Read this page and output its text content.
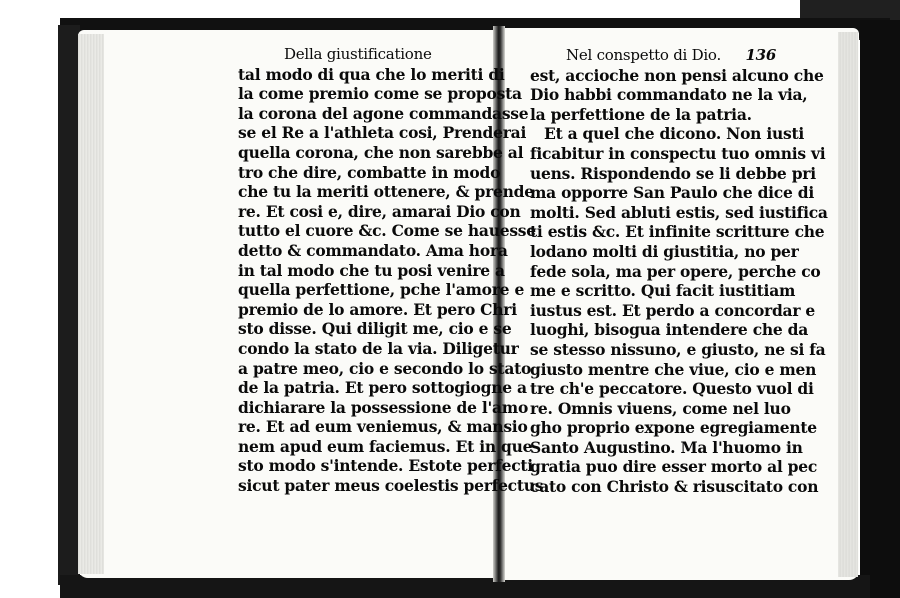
Della giustificatione
tal modo di qua che lo meriti di
la come premio come se proposta
la corona del agone commandasse
se el Re a l'athleta cosi, Prenderai
quella corona, che non sarebbe al
tro che dire, combatte in modo
che tu la meriti ottenere, & prende
re. Et cosi e, dire, amarai Dio con
tutto el cuore &c. Come se hauesse
detto & commandato. Ama hora
in tal modo che tu posi venire a
quella perfettione, pche l'amore e
premio de lo amore. Et pero Chri
sto disse. Qui diligit me, cio e se
condo la stato de la via. Diligetur
a patre meo, cio e secondo lo stato
de la patria. Et pero sottogiogne a
dichiarare la possessione de l'amo
re. Et ad eum veniemus, & mansio
nem apud eum faciemus. Et in que
sto modo s'intende. Estote perfecti
sicut pater meus coelestis perfectus
Nel conspetto di Dio. 136
est, accioche non pensi alcuno che
Dio habbi commandato ne la via,
la perfettione de la patria.
Et a quel che dicono. Non iusti
ficabitur in conspectu tuo omnis vi
uens. Rispondendo se li debbe pri
ma opporre San Paulo che dice di
molti. Sed abluti estis, sed iustifica
ti estis &c. Et infinite scritture che
lodano molti di giustitia, no per
fede sola, ma per opere, perche co
me e scritto. Qui facit iustitiam
iustus est. Et perdo a concordar e
luoghi, bisogua intendere che da
se stesso nissuno, e giusto, ne si fa
giusto mentre che viue, cio e men
tre ch'e peccatore. Questo vuol di
re. Omnis viuens, come nel luo
gho proprio expone egregiamente
Santo Augustino. Ma l'huomo in
gratia puo dire esser morto al pec
cato con Christo & risuscitato con
